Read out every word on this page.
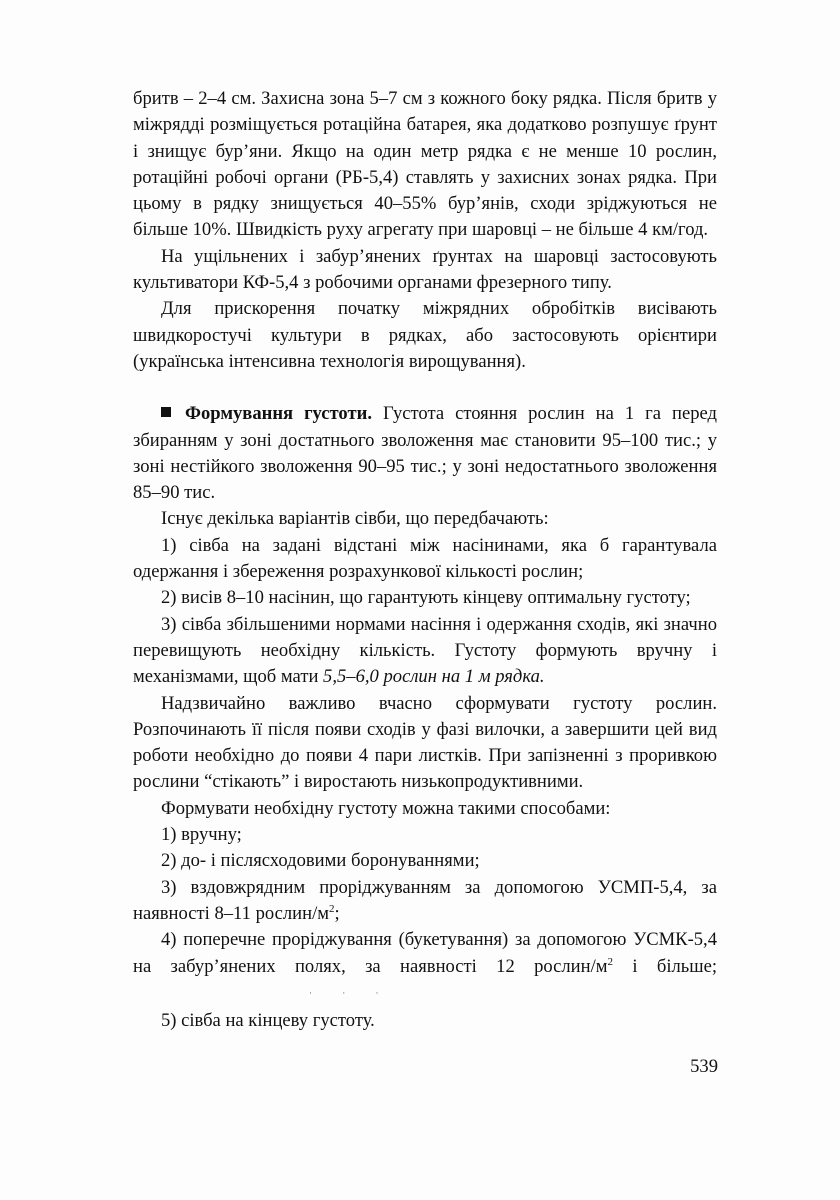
бритв – 2–4 см. Захисна зона 5–7 см з кожного боку рядка. Після бритв у міжрядді розміщується ротаційна батарея, яка додатково розпушує ґрунт і знищує бур’яни. Якщо на один метр рядка є не менше 10 рослин, ротаційні робочі органи (РБ-5,4) ставлять у захисних зонах рядка. При цьому в рядку знищується 40–55% бур’янів, сходи зріджуються не більше 10%. Швидкість руху агрегату при шаровці – не більше 4 км/год.

На ущільнених і забур’янених ґрунтах на шаровці застосовують культиватори КФ-5,4 з робочими органами фрезерного типу.

Для прискорення початку міжрядних обробітків висівають швидкоростучі культури в рядках, або застосовують орієнтири (українська інтенсивна технологія вирощування).

Формування густоти. Густота стояння рослин на 1 га перед збиранням у зоні достатнього зволоження має становити 95–100 тис.; у зоні нестійкого зволоження 90–95 тис.; у зоні недостатнього зволоження 85–90 тис.

Існує декілька варіантів сівби, що передбачають:

1) сівба на задані відстані між насінинами, яка б гарантувала одержання і збереження розрахункової кількості рослин;

2) висів 8–10 насінин, що гарантують кінцеву оптимальну густоту;

3) сівба збільшеними нормами насіння і одержання сходів, які значно перевищують необхідну кількість. Густоту формують вручну і механізмами, щоб мати 5,5–6,0 рослин на 1 м рядка.

Надзвичайно важливо вчасно сформувати густоту рослин. Розпочинають її після появи сходів у фазі вилочки, а завершити цей вид роботи необхідно до появи 4 пари листків. При запізненні з проривкою рослини “стікають” і виростають низькопродуктивними.

Формувати необхідну густоту можна такими способами:

1) вручну;

2) до- і післясходовими боронуваннями;

3) вздовжрядним проріджуванням за допомогою УСМП-5,4, за наявності 8–11 рослин/$м^2$;

4) поперечне проріджування (букетування) за допомогою УСМК-5,4 на забур’янених полях, за наявності 12 рослин/$м^2$ і більше;· · ·

5) сівба на кінцеву густоту.

539
